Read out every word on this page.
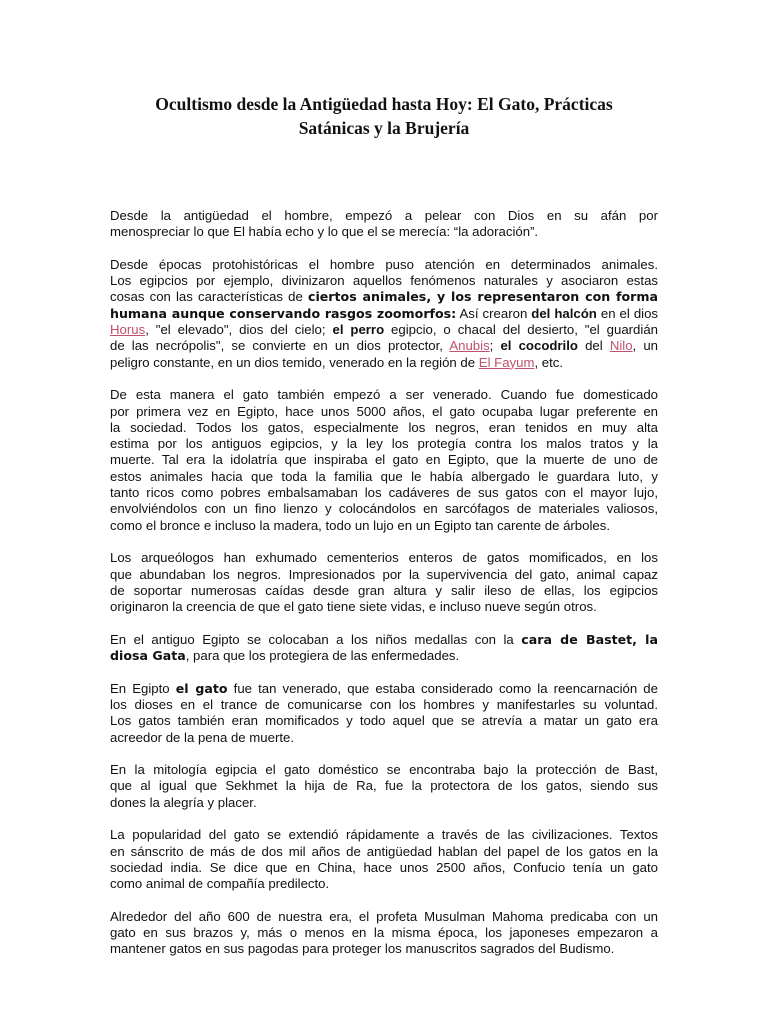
Ocultismo desde la Antigüedad hasta Hoy: El Gato, Prácticas
Satánicas y la Brujería
Desde la antigüedad el hombre, empezó a pelear con Dios en su afán por
menospreciar lo que El había echo y lo que el se merecía: “la adoración”.
Desde épocas protohistóricas el hombre puso atención en determinados animales.
Los egipcios por ejemplo, divinizaron aquellos fenómenos naturales y asociaron estas
cosas con las características de ciertos animales, y los representaron con forma
humana aunque conservando rasgos zoomorfos: Así crearon del halcón en el dios
Horus, "el elevado", dios del cielo; el perro egipcio, o chacal del desierto, "el guardián
de las necrópolis", se convierte en un dios protector, Anubis; el cocodrilo del Nilo, un
peligro constante, en un dios temido, venerado en la región de El Fayum, etc.
De esta manera el gato también empezó a ser venerado. Cuando fue domesticado
por primera vez en Egipto, hace unos 5000 años, el gato ocupaba lugar preferente en
la sociedad. Todos los gatos, especialmente los negros, eran tenidos en muy alta
estima por los antiguos egipcios, y la ley los protegía contra los malos tratos y la
muerte. Tal era la idolatría que inspiraba el gato en Egipto, que la muerte de uno de
estos animales hacia que toda la familia que le había albergado le guardara luto, y
tanto ricos como pobres embalsamaban los cadáveres de sus gatos con el mayor lujo,
envolviéndolos con un fino lienzo y colocándolos en sarcófagos de materiales valiosos,
como el bronce e incluso la madera, todo un lujo en un Egipto tan carente de árboles.
Los arqueólogos han exhumado cementerios enteros de gatos momificados, en los
que abundaban los negros. Impresionados por la supervivencia del gato, animal capaz
de soportar numerosas caídas desde gran altura y salir ileso de ellas, los egipcios
originaron la creencia de que el gato tiene siete vidas, e incluso nueve según otros.
En el antiguo Egipto se colocaban a los niños medallas con la cara de Bastet, la
diosa Gata, para que los protegiera de las enfermedades.
En Egipto el gato fue tan venerado, que estaba considerado como la reencarnación de
los dioses en el trance de comunicarse con los hombres y manifestarles su voluntad.
Los gatos también eran momificados y todo aquel que se atrevía a matar un gato era
acreedor de la pena de muerte.
En la mitología egipcia el gato doméstico se encontraba bajo la protección de Bast,
que al igual que Sekhmet la hija de Ra, fue la protectora de los gatos, siendo sus
dones la alegría y placer.
La popularidad del gato se extendió rápidamente a través de las civilizaciones. Textos
en sánscrito de más de dos mil años de antigüedad hablan del papel de los gatos en la
sociedad india. Se dice que en China, hace unos 2500 años, Confucio tenía un gato
como animal de compañía predilecto.
Alrededor del año 600 de nuestra era, el profeta Musulman Mahoma predicaba con un
gato en sus brazos y, más o menos en la misma época, los japoneses empezaron a
mantener gatos en sus pagodas para proteger los manuscritos sagrados del Budismo.
